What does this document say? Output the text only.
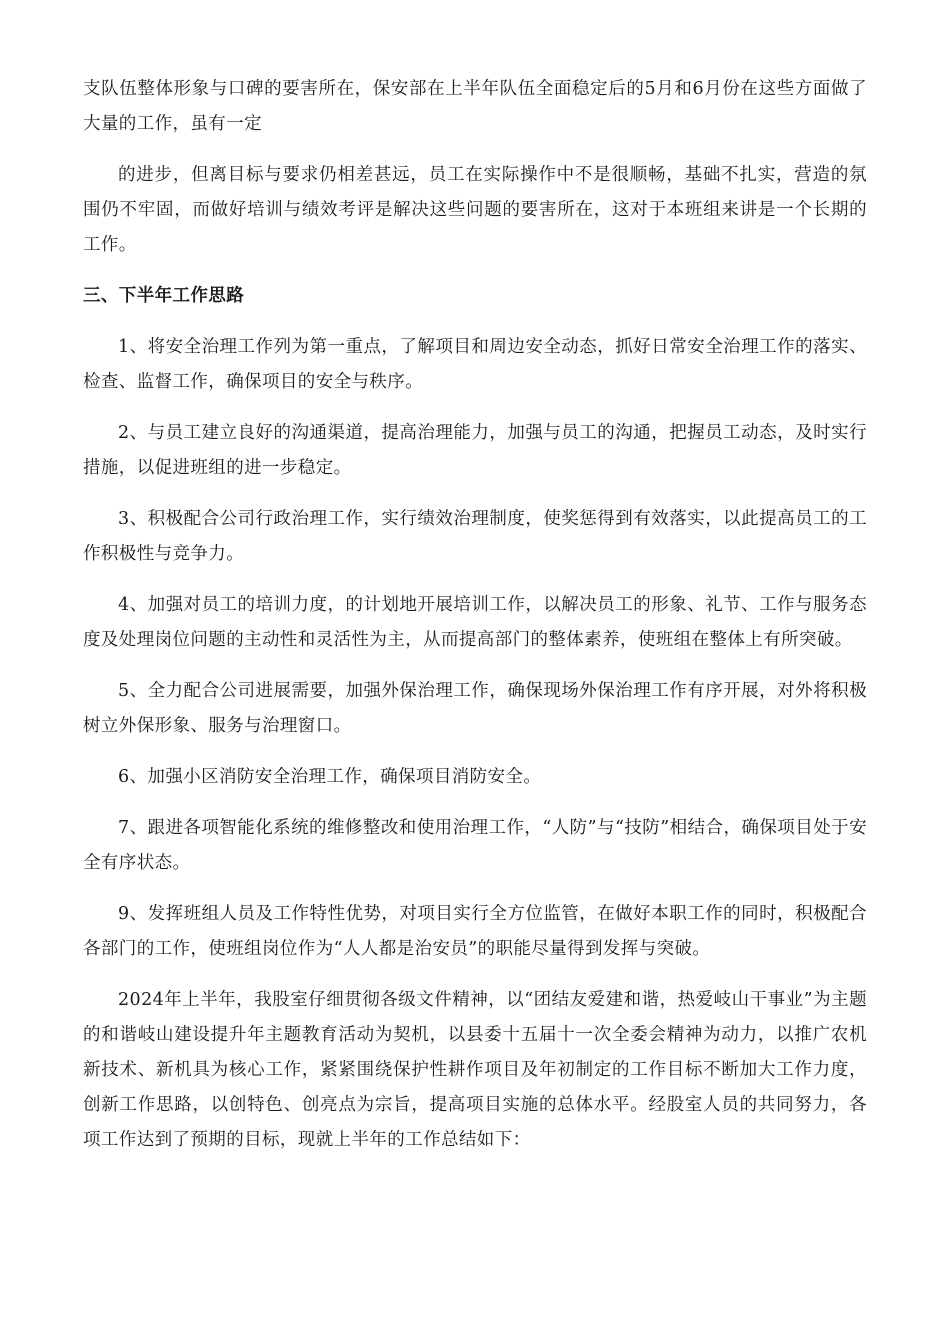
支队伍整体形象与口碑的要害所在，保安部在上半年队伍全面稳定后的5月和6月份在这些方面做了大量的工作，虽有一定

的进步，但离目标与要求仍相差甚远，员工在实际操作中不是很顺畅，基础不扎实，营造的氛围仍不牢固，而做好培训与绩效考评是解决这些问题的要害所在，这对于本班组来讲是一个长期的工作。

三、下半年工作思路

1、将安全治理工作列为第一重点，了解项目和周边安全动态，抓好日常安全治理工作的落实、检查、监督工作，确保项目的安全与秩序。

2、与员工建立良好的沟通渠道，提高治理能力，加强与员工的沟通，把握员工动态，及时实行措施，以促进班组的进一步稳定。

3、积极配合公司行政治理工作，实行绩效治理制度，使奖惩得到有效落实，以此提高员工的工作积极性与竞争力。

4、加强对员工的培训力度，的计划地开展培训工作，以解决员工的形象、礼节、工作与服务态度及处理岗位问题的主动性和灵活性为主，从而提高部门的整体素养，使班组在整体上有所突破。

5、全力配合公司进展需要，加强外保治理工作，确保现场外保治理工作有序开展，对外将积极树立外保形象、服务与治理窗口。

6、加强小区消防安全治理工作，确保项目消防安全。

7、跟进各项智能化系统的维修整改和使用治理工作，“人防”与“技防”相结合，确保项目处于安全有序状态。

9、发挥班组人员及工作特性优势，对项目实行全方位监管，在做好本职工作的同时，积极配合各部门的工作，使班组岗位作为“人人都是治安员”的职能尽量得到发挥与突破。

2024年上半年，我股室仔细贯彻各级文件精神，以“团结友爱建和谐，热爱岐山干事业”为主题的和谐岐山建设提升年主题教育活动为契机，以县委十五届十一次全委会精神为动力，以推广农机新技术、新机具为核心工作，紧紧围绕保护性耕作项目及年初制定的工作目标不断加大工作力度，创新工作思路，以创特色、创亮点为宗旨，提高项目实施的总体水平。经股室人员的共同努力，各项工作达到了预期的目标，现就上半年的工作总结如下：
